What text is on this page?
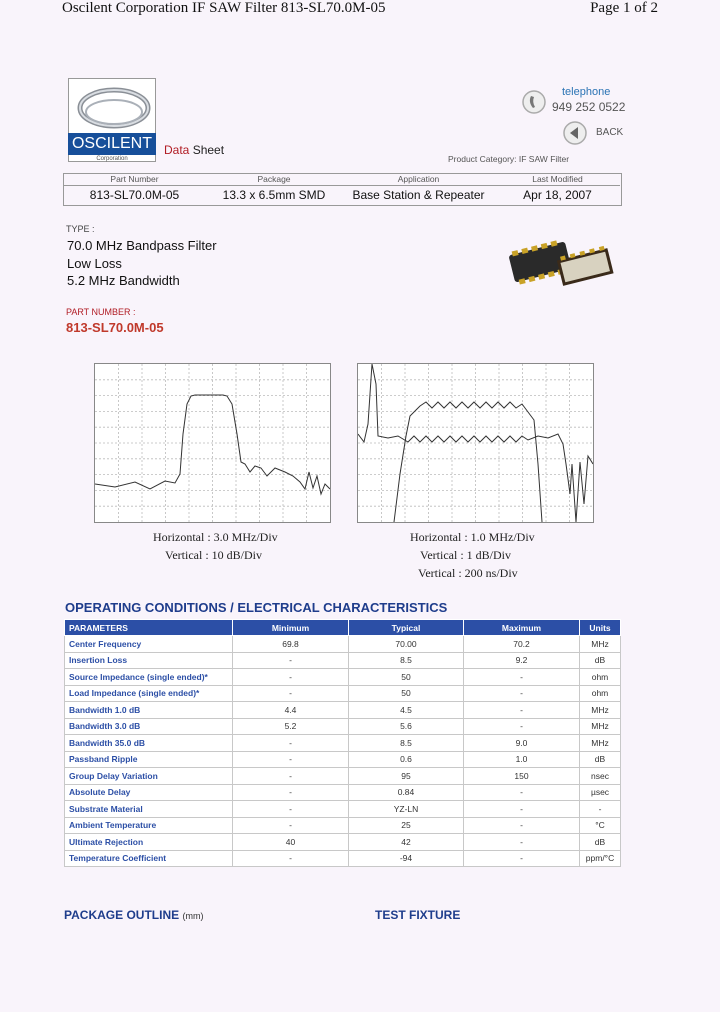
Oscilent Corporation IF SAW Filter 813-SL70.0M-05	Page 1 of 2
OSCILENT
Corporation
Data Sheet
telephone
949 252 0522
BACK
Product Category: IF SAW Filter
Part Number	Package	Application	Last Modified
813-SL70.0M-05	13.3 x 6.5mm SMD	Base Station & Repeater	Apr 18, 2007
TYPE :
70.0 MHz Bandpass Filter
Low Loss
5.2 MHz Bandwidth
PART NUMBER :
813-SL70.0M-05
Horizontal : 3.0 MHz/Div
Vertical : 10 dB/Div
Horizontal : 1.0 MHz/Div
Vertical : 1 dB/Div
Vertical : 200 ns/Div
OPERATING CONDITIONS / ELECTRICAL CHARACTERISTICS
PARAMETERS	Minimum	Typical	Maximum	Units
Center Frequency	69.8	70.00	70.2	MHz
Insertion Loss	-	8.5	9.2	dB
Source Impedance (single ended)*	-	50	-	ohm
Load Impedance (single ended)*	-	50	-	ohm
Bandwidth 1.0 dB	4.4	4.5	-	MHz
Bandwidth 3.0 dB	5.2	5.6	-	MHz
Bandwidth 35.0 dB	-	8.5	9.0	MHz
Passband Ripple	-	0.6	1.0	dB
Group Delay Variation	-	95	150	nsec
Absolute Delay	-	0.84	-	µsec
Substrate Material	-	YZ-LN	-	-
Ambient Temperature	-	25	-	°C
Ultimate Rejection	40	42	-	dB
Temperature Coefficient	-	-94	-	ppm/°C
PACKAGE OUTLINE (mm)	TEST FIXTURE
